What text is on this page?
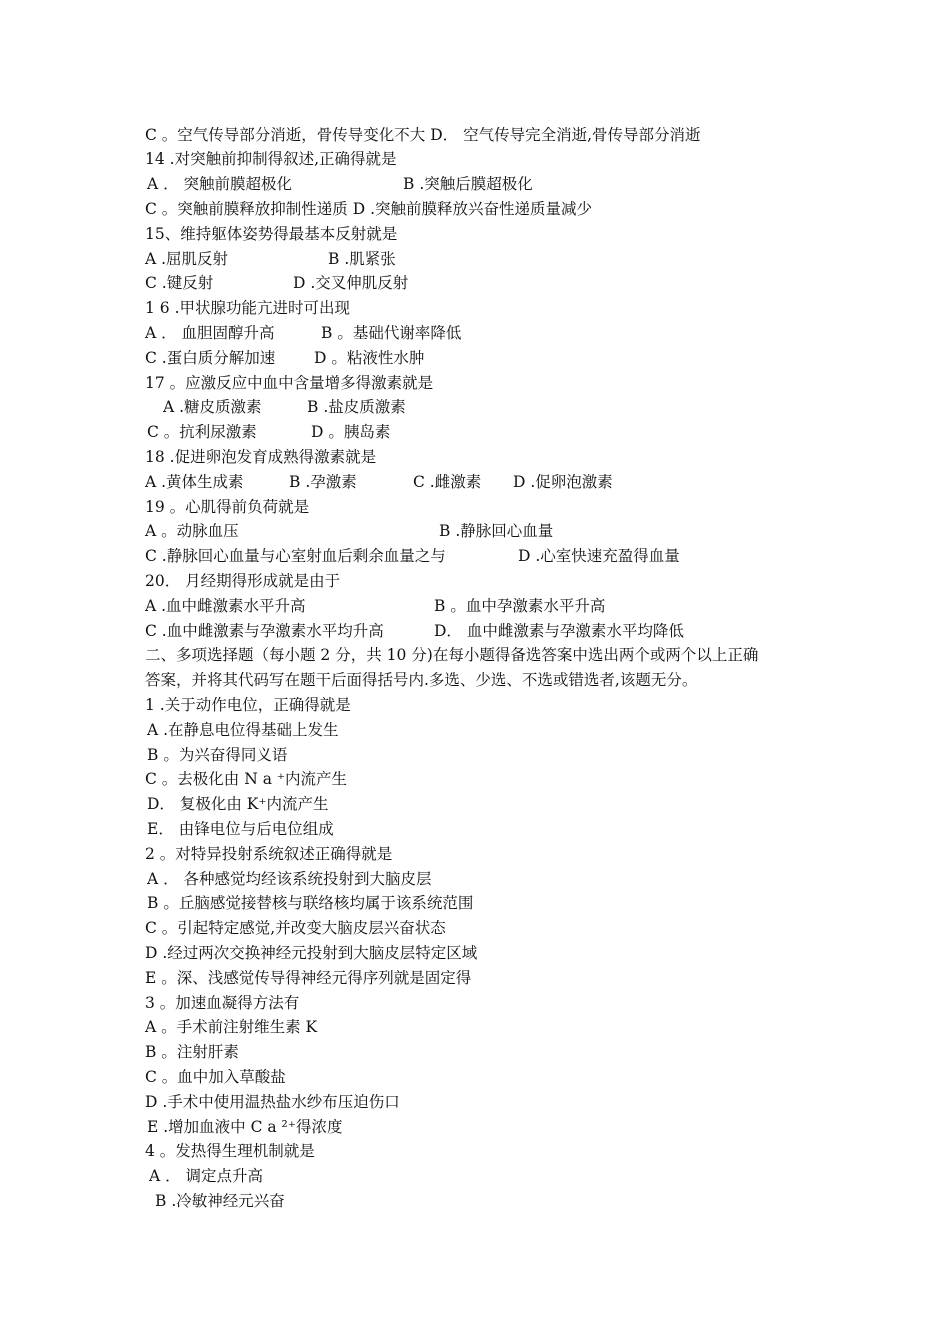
C 。空气传导部分消逝，骨传导变化不大 D． 空气传导完全消逝,骨传导部分消逝
14 .对突触前抑制得叙述,正确得就是
A ． 突触前膜超极化	B .突触后膜超极化
C 。突触前膜释放抑制性递质 D .突触前膜释放兴奋性递质量减少
15、维持躯体姿势得最基本反射就是
A .屈肌反射	B .肌紧张
C .键反射	D .交叉伸肌反射
1 6 .甲状腺功能亢进时可出现
A ． 血胆固醇升高	B 。基础代谢率降低
C .蛋白质分解加速	D 。粘液性水肿
17 。应激反应中血中含量增多得激素就是
A .糖皮质激素	B .盐皮质激素
C 。抗利尿激素	D 。胰岛素
18 .促进卵泡发育成熟得激素就是
A .黄体生成素	B .孕激素	C .雌激素 D .促卵泡激素
19 。心肌得前负荷就是
A 。动脉血压	B .静脉回心血量
C .静脉回心血量与心室射血后剩余血量之与	D .心室快速充盈得血量
20． 月经期得形成就是由于
A .血中雌激素水平升高	B 。血中孕激素水平升高
C .血中雌激素与孕激素水平均升高	D． 血中雌激素与孕激素水平均降低
二、多项选择题（每小题 2 分，共 10 分)在每小题得备选答案中选出两个或两个以上正确
答案，并将其代码写在题干后面得括号内.多选、少选、不选或错选者,该题无分。
1 .关于动作电位，正确得就是
A .在静息电位得基础上发生
B 。为兴奋得同义语
C 。去极化由 N a ⁺内流产生
D． 复极化由 K⁺内流产生
E． 由锋电位与后电位组成
2 。对特异投射系统叙述正确得就是
A ． 各种感觉均经该系统投射到大脑皮层
B 。丘脑感觉接替核与联络核均属于该系统范围
C 。引起特定感觉,并改变大脑皮层兴奋状态
D .经过两次交换神经元投射到大脑皮层特定区域
E 。深、浅感觉传导得神经元得序列就是固定得
3 。加速血凝得方法有
A 。手术前注射维生素 K
B 。注射肝素
C 。血中加入草酸盐
D .手术中使用温热盐水纱布压迫伤口
E .增加血液中 C a ²⁺得浓度
4 。发热得生理机制就是
A ． 调定点升高
B .冷敏神经元兴奋
